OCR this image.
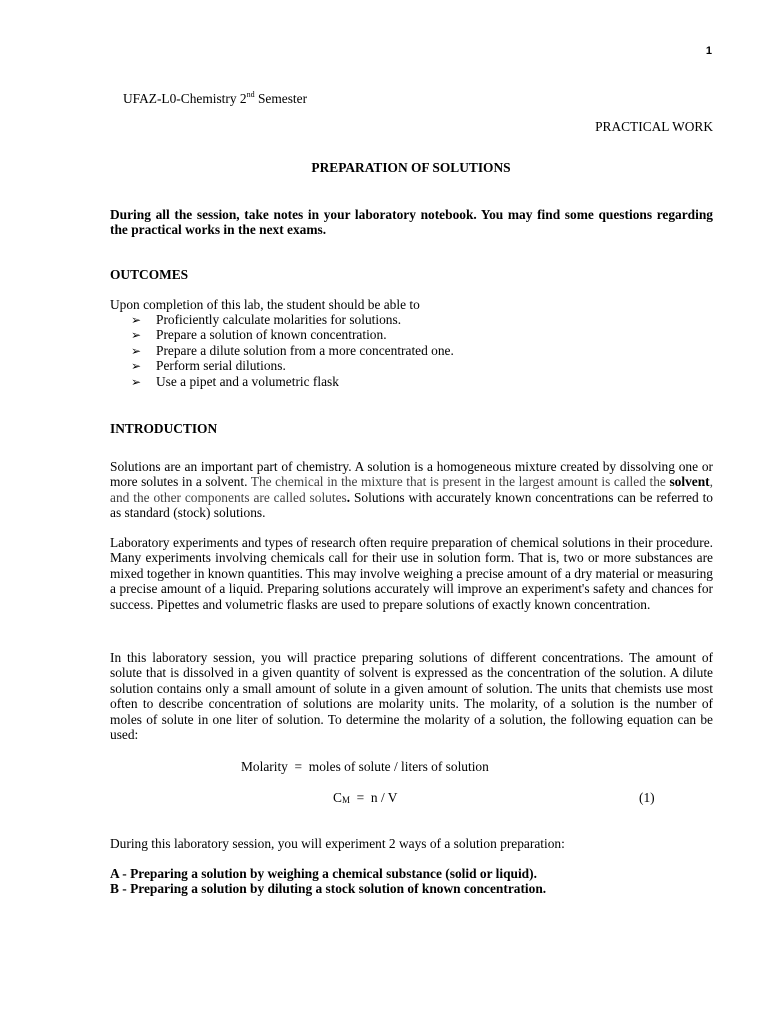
1
UFAZ-L0-Chemistry 2nd Semester
PRACTICAL WORK
PREPARATION OF SOLUTIONS
During all the session, take notes in your laboratory notebook. You may find some questions regarding the practical works in the next exams.
OUTCOMES
Upon completion of this lab, the student should be able to
➢ Proficiently calculate molarities for solutions.
➢ Prepare a solution of known concentration.
➢ Prepare a dilute solution from a more concentrated one.
➢ Perform serial dilutions.
➢ Use a pipet and a volumetric flask
INTRODUCTION
Solutions are an important part of chemistry. A solution is a homogeneous mixture created by dissolving one or more solutes in a solvent. The chemical in the mixture that is present in the largest amount is called the solvent, and the other components are called solutes. Solutions with accurately known concentrations can be referred to as standard (stock) solutions.
Laboratory experiments and types of research often require preparation of chemical solutions in their procedure. Many experiments involving chemicals call for their use in solution form. That is, two or more substances are mixed together in known quantities. This may involve weighing a precise amount of a dry material or measuring a precise amount of a liquid. Preparing solutions accurately will improve an experiment's safety and chances for success. Pipettes and volumetric flasks are used to prepare solutions of exactly known concentration.
In this laboratory session, you will practice preparing solutions of different concentrations. The amount of solute that is dissolved in a given quantity of solvent is expressed as the concentration of the solution. A dilute solution contains only a small amount of solute in a given amount of solution. The units that chemists use most often to describe concentration of solutions are molarity units. The molarity, of a solution is the number of moles of solute in one liter of solution. To determine the molarity of a solution, the following equation can be used:
Molarity  =  moles of solute / liters of solution
$C_M = n / V$	(1)
During this laboratory session, you will experiment 2 ways of a solution preparation:
A - Preparing a solution by weighing a chemical substance (solid or liquid).
B - Preparing a solution by diluting a stock solution of known concentration.
